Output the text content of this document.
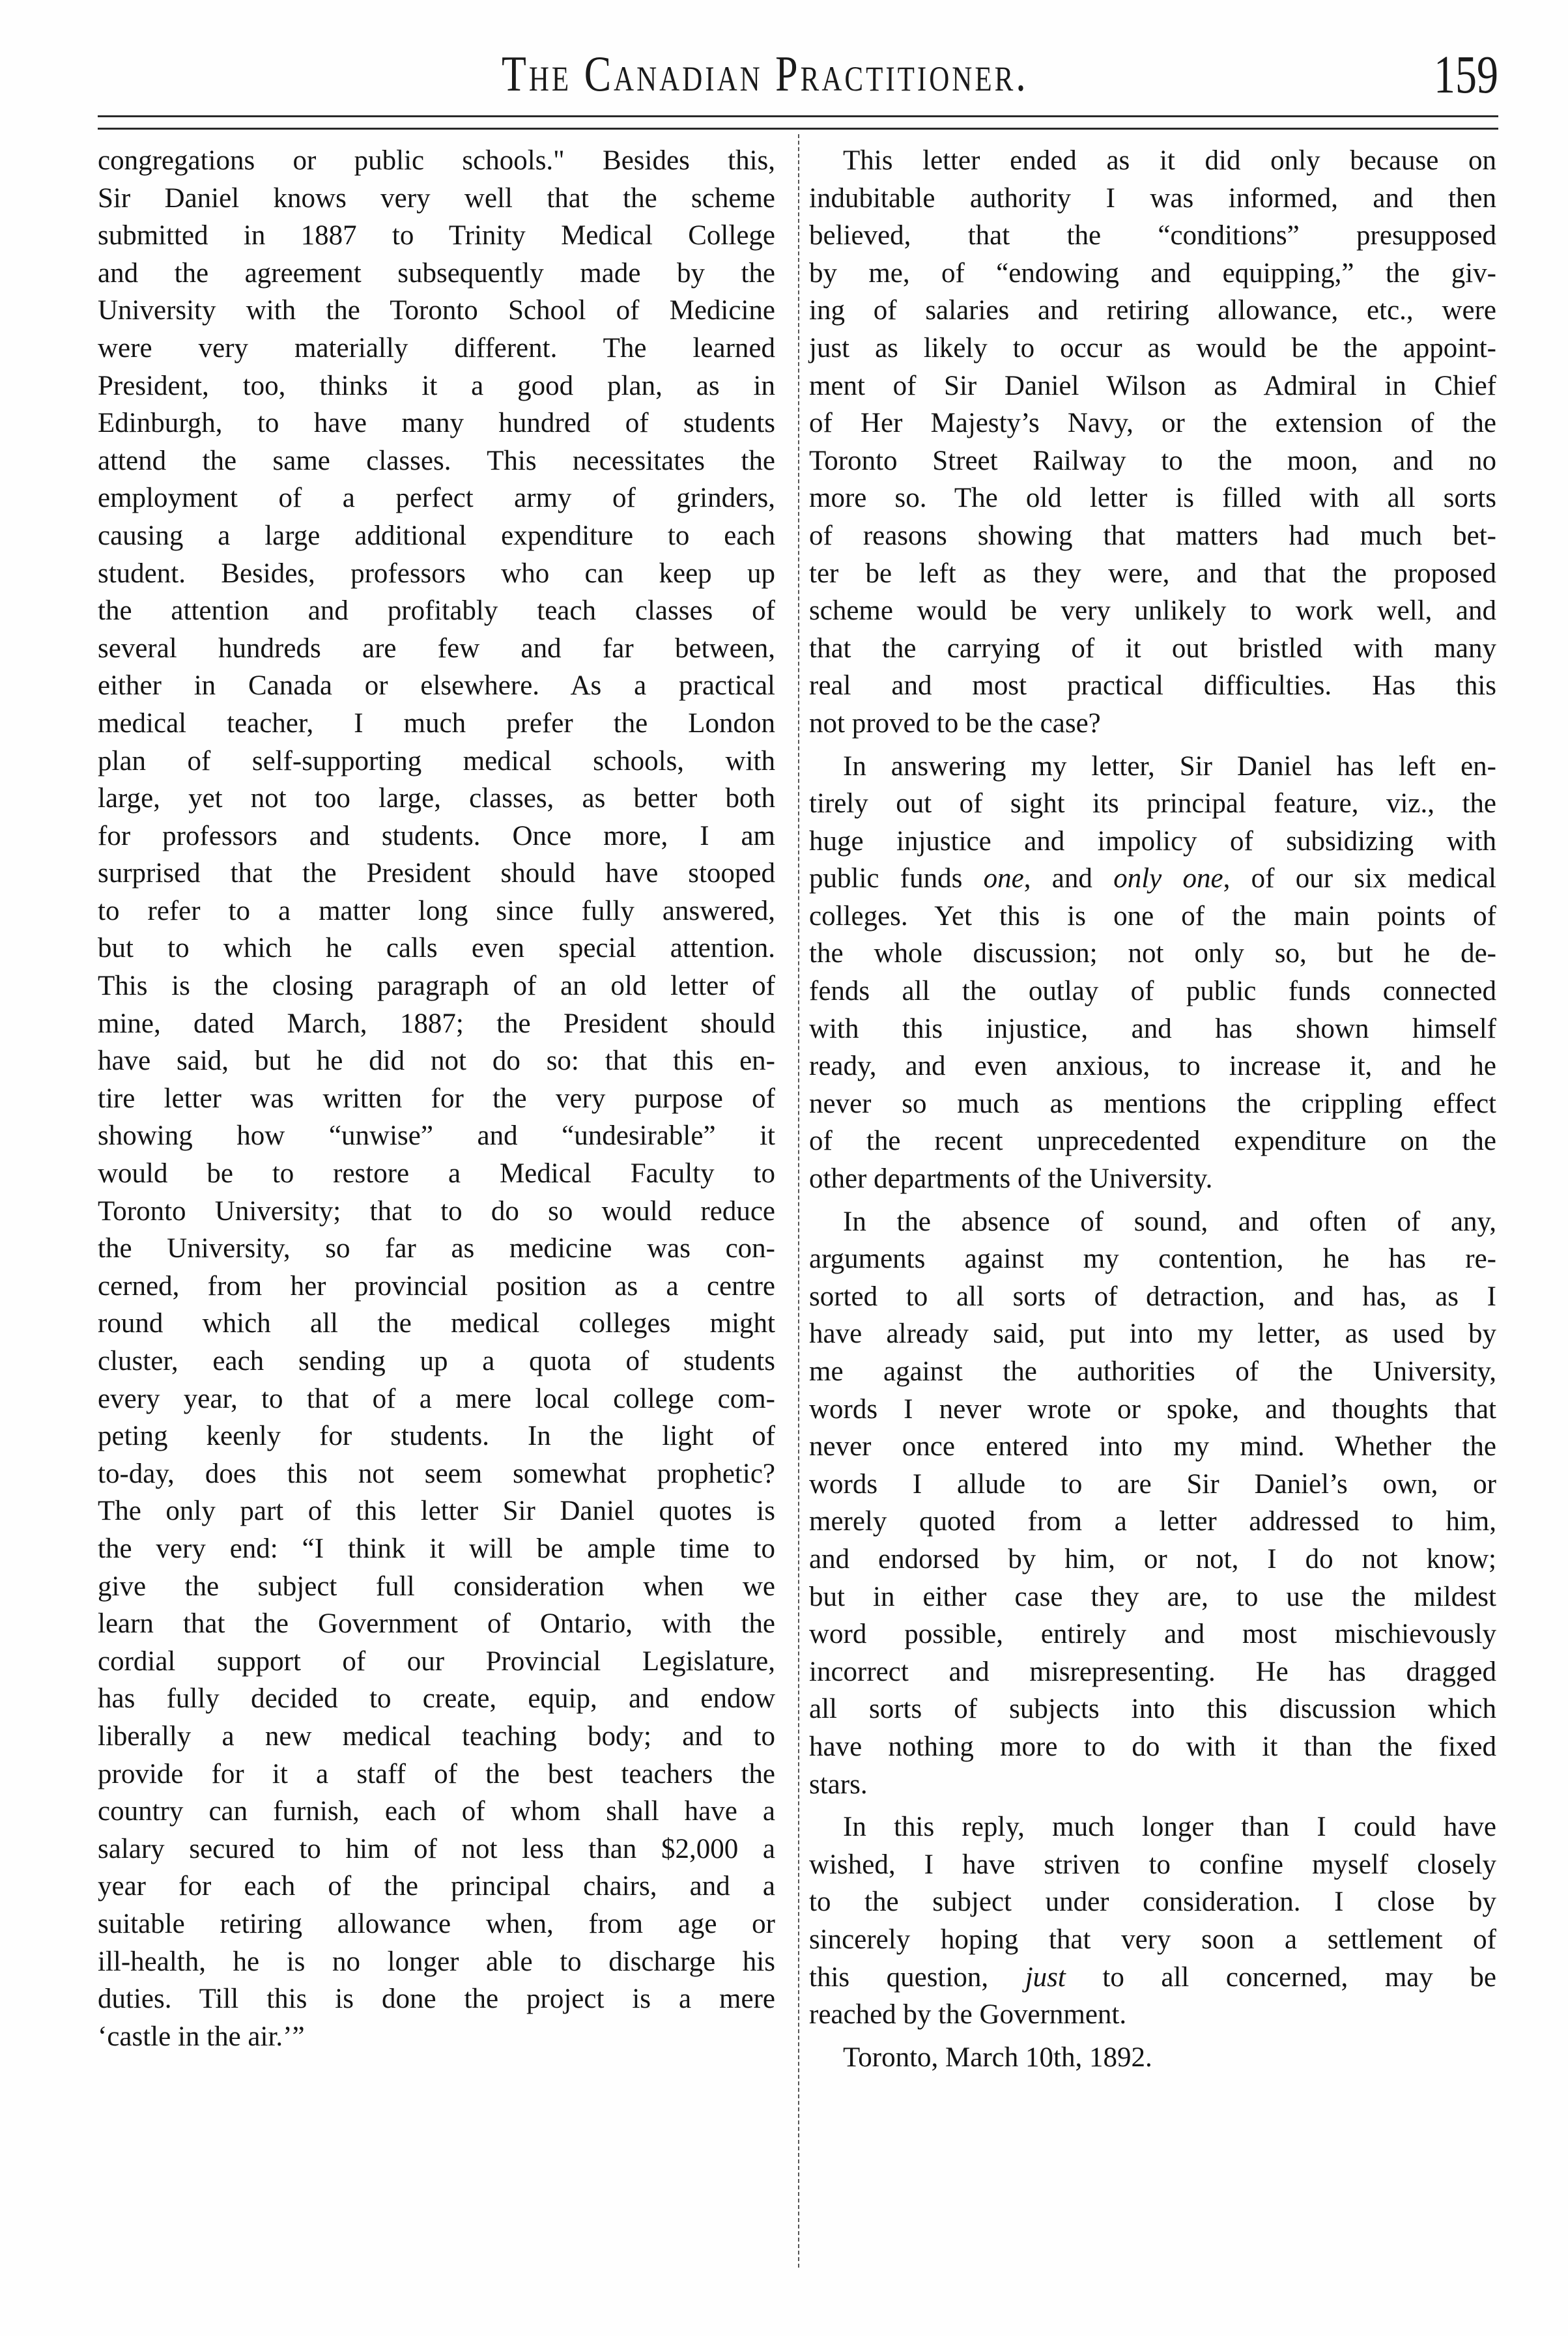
The Canadian Practitioner.	159
congregations or public schools." Besides this,
Sir Daniel knows very well that the scheme
submitted in 1887 to Trinity Medical College
and the agreement subsequently made by the
University with the Toronto School of Medicine
were very materially different. The learned
President, too, thinks it a good plan, as in
Edinburgh, to have many hundred of students
attend the same classes. This necessitates the
employment of a perfect army of grinders,
causing a large additional expenditure to each
student. Besides, professors who can keep up
the attention and profitably teach classes of
several hundreds are few and far between,
either in Canada or elsewhere. As a practical
medical teacher, I much prefer the London
plan of self-supporting medical schools, with
large, yet not too large, classes, as better both
for professors and students. Once more, I am
surprised that the President should have stooped
to refer to a matter long since fully answered,
but to which he calls even special attention.
This is the closing paragraph of an old letter of
mine, dated March, 1887; the President should
have said, but he did not do so: that this en-
tire letter was written for the very purpose of
showing how “unwise” and “undesirable” it
would be to restore a Medical Faculty to
Toronto University; that to do so would reduce
the University, so far as medicine was con-
cerned, from her provincial position as a centre
round which all the medical colleges might
cluster, each sending up a quota of students
every year, to that of a mere local college com-
peting keenly for students. In the light of
to-day, does this not seem somewhat prophetic?
The only part of this letter Sir Daniel quotes is
the very end: “I think it will be ample time to
give the subject full consideration when we
learn that the Government of Ontario, with the
cordial support of our Provincial Legislature,
has fully decided to create, equip, and endow
liberally a new medical teaching body; and to
provide for it a staff of the best teachers the
country can furnish, each of whom shall have a
salary secured to him of not less than $2,000 a
year for each of the principal chairs, and a
suitable retiring allowance when, from age or
ill-health, he is no longer able to discharge his
duties. Till this is done the project is a mere
‘castle in the air.’”
This letter ended as it did only because on
indubitable authority I was informed, and then
believed, that the “conditions” presupposed
by me, of “endowing and equipping,” the giv-
ing of salaries and retiring allowance, etc., were
just as likely to occur as would be the appoint-
ment of Sir Daniel Wilson as Admiral in Chief
of Her Majesty’s Navy, or the extension of the
Toronto Street Railway to the moon, and no
more so. The old letter is filled with all sorts
of reasons showing that matters had much bet-
ter be left as they were, and that the proposed
scheme would be very unlikely to work well, and
that the carrying of it out bristled with many
real and most practical difficulties. Has this
not proved to be the case?
In answering my letter, Sir Daniel has left en-
tirely out of sight its principal feature, viz., the
huge injustice and impolicy of subsidizing with
public funds one, and only one, of our six medical
colleges. Yet this is one of the main points of
the whole discussion; not only so, but he de-
fends all the outlay of public funds connected
with this injustice, and has shown himself
ready, and even anxious, to increase it, and he
never so much as mentions the crippling effect
of the recent unprecedented expenditure on the
other departments of the University.
In the absence of sound, and often of any,
arguments against my contention, he has re-
sorted to all sorts of detraction, and has, as I
have already said, put into my letter, as used by
me against the authorities of the University,
words I never wrote or spoke, and thoughts that
never once entered into my mind. Whether the
words I allude to are Sir Daniel’s own, or
merely quoted from a letter addressed to him,
and endorsed by him, or not, I do not know;
but in either case they are, to use the mildest
word possible, entirely and most mischievously
incorrect and misrepresenting. He has dragged
all sorts of subjects into this discussion which
have nothing more to do with it than the fixed
stars.
In this reply, much longer than I could have
wished, I have striven to confine myself closely
to the subject under consideration. I close by
sincerely hoping that very soon a settlement of
this question, just to all concerned, may be
reached by the Government.
Toronto, March 10th, 1892.
